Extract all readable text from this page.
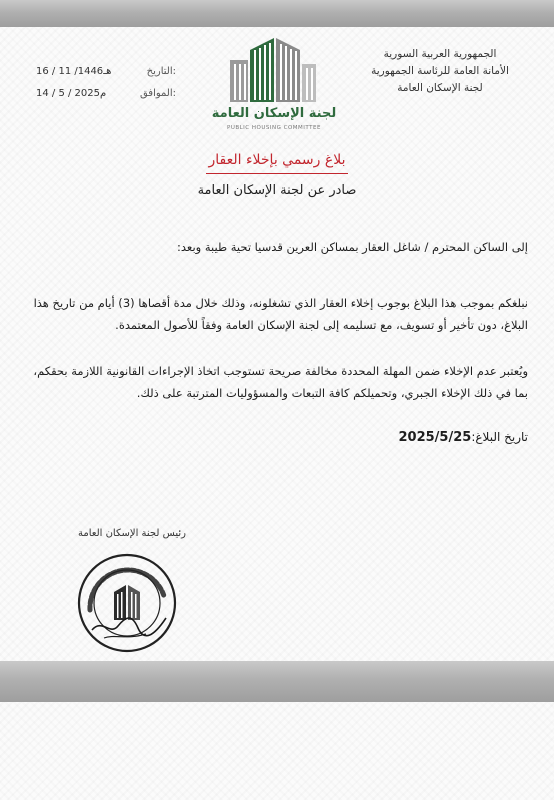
الجمهورية العربية السورية
الأمانة العامة للرئاسة الجمهورية
لجنة الإسكان العامة
16 / 11 /1446هـ	التاريخ:
14 / 5 / 2025م	الموافق:
لجنة الإسكان العامة
PUBLIC HOUSING COMMITTEE
بلاغ رسمي بإخلاء العقار
صادر عن لجنة الإسكان العامة
إلى الساكن المحترم / شاغل العقار بمساكن العرين قدسيا تحية طيبة وبعد:
نبلغكم بموجب هذا البلاغ بوجوب إخلاء العقار الذي تشغلونه، وذلك خلال مدة أقصاها (3) أيام من تاريخ هذا البلاغ، دون تأخير أو تسويف، مع تسليمه إلى لجنة الإسكان العامة وفقاً للأصول المعتمدة.
ويُعتبر عدم الإخلاء ضمن المهلة المحددة مخالفة صريحة تستوجب اتخاذ الإجراءات القانونية اللازمة بحقكم، بما في ذلك الإخلاء الجبري، وتحميلكم كافة التبعات والمسؤوليات المترتبة على ذلك.
تاريخ البلاغ:2025/5/25
رئيس لجنة الإسكان العامة
